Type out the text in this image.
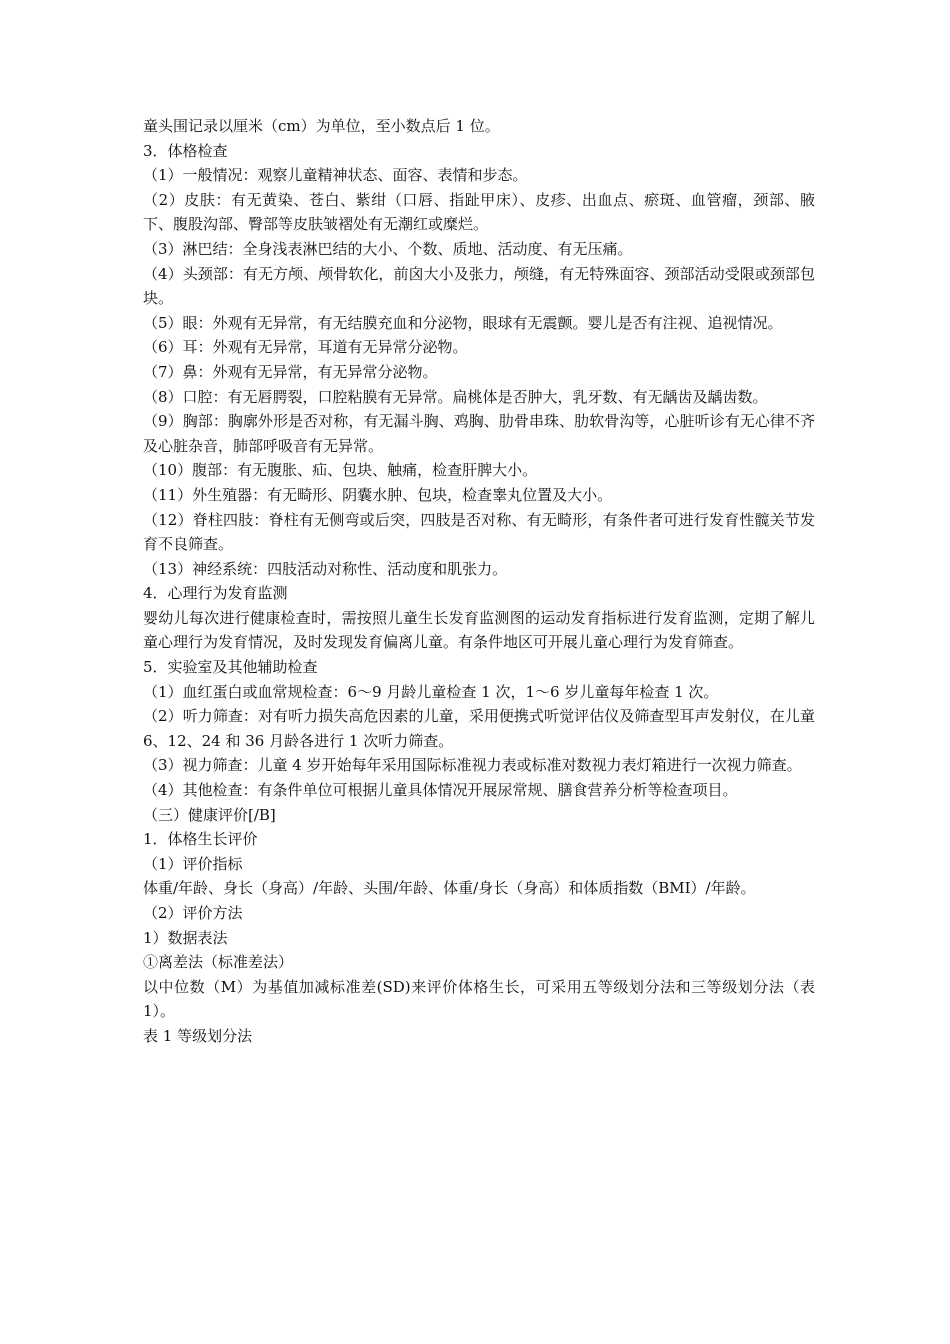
童头围记录以厘米（cm）为单位，至小数点后 1 位。

3．体格检查

（1）一般情况：观察儿童精神状态、面容、表情和步态。

（2）皮肤：有无黄染、苍白、紫绀（口唇、指趾甲床）、皮疹、出血点、瘀斑、血管瘤，颈部、腋下、腹股沟部、臀部等皮肤皱褶处有无潮红或糜烂。

（3）淋巴结：全身浅表淋巴结的大小、个数、质地、活动度、有无压痛。

（4）头颈部：有无方颅、颅骨软化，前囟大小及张力，颅缝，有无特殊面容、颈部活动受限或颈部包块。

（5）眼：外观有无异常，有无结膜充血和分泌物，眼球有无震颤。婴儿是否有注视、追视情况。

（6）耳：外观有无异常，耳道有无异常分泌物。

（7）鼻：外观有无异常，有无异常分泌物。

（8）口腔：有无唇腭裂，口腔粘膜有无异常。扁桃体是否肿大，乳牙数、有无龋齿及龋齿数。

（9）胸部：胸廓外形是否对称，有无漏斗胸、鸡胸、肋骨串珠、肋软骨沟等，心脏听诊有无心律不齐及心脏杂音，肺部呼吸音有无异常。

（10）腹部：有无腹胀、疝、包块、触痛，检查肝脾大小。

（11）外生殖器：有无畸形、阴囊水肿、包块，检查睾丸位置及大小。

（12）脊柱四肢：脊柱有无侧弯或后突，四肢是否对称、有无畸形，有条件者可进行发育性髋关节发育不良筛查。

（13）神经系统：四肢活动对称性、活动度和肌张力。

4．心理行为发育监测

婴幼儿每次进行健康检查时，需按照儿童生长发育监测图的运动发育指标进行发育监测，定期了解儿童心理行为发育情况，及时发现发育偏离儿童。有条件地区可开展儿童心理行为发育筛查。

5．实验室及其他辅助检查

（1）血红蛋白或血常规检查：6～9 月龄儿童检查 1 次，1～6 岁儿童每年检查 1 次。

（2）听力筛查：对有听力损失高危因素的儿童，采用便携式听觉评估仪及筛查型耳声发射仪，在儿童 6、12、24 和 36 月龄各进行 1 次听力筛查。

（3）视力筛查：儿童 4 岁开始每年采用国际标准视力表或标准对数视力表灯箱进行一次视力筛查。

（4）其他检查：有条件单位可根据儿童具体情况开展尿常规、膳食营养分析等检查项目。

（三）健康评价[/B]

1．体格生长评价

（1）评价指标

体重/年龄、身长（身高）/年龄、头围/年龄、体重/身长（身高）和体质指数（BMI）/年龄。

（2）评价方法

1）数据表法

①离差法（标准差法）

以中位数（M）为基值加减标准差(SD)来评价体格生长，可采用五等级划分法和三等级划分法（表 1）。

表 1 等级划分法
